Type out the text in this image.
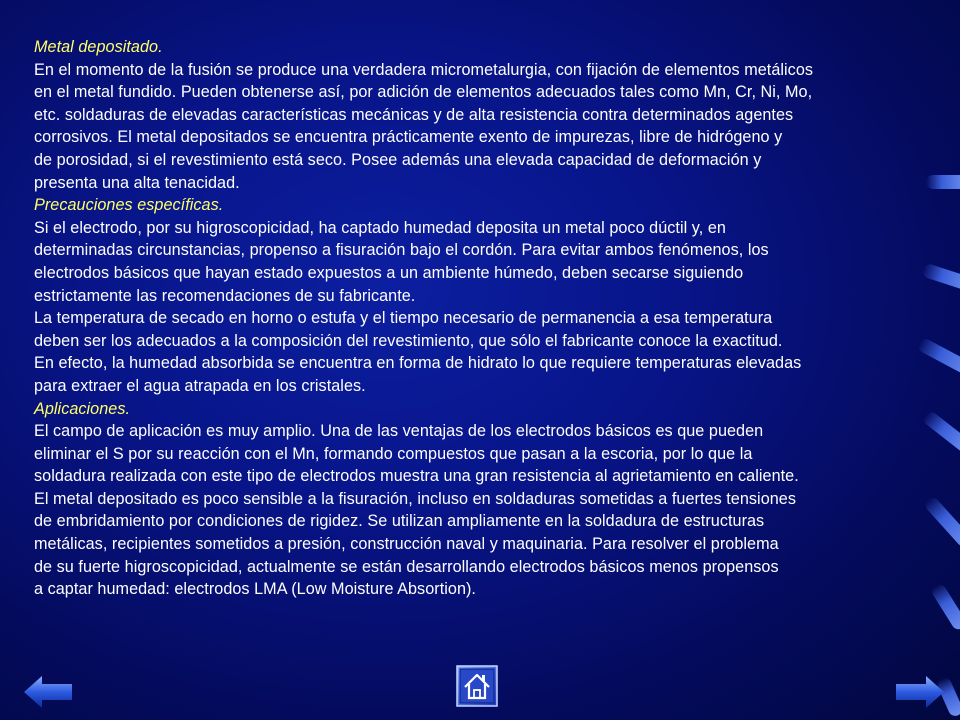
Metal depositado.
En el momento de la fusión se produce una verdadera micrometalurgia, con fijación de elementos metálicos
en el metal fundido. Pueden obtenerse así, por adición de elementos adecuados tales como Mn, Cr, Ni, Mo,
etc. soldaduras de elevadas características mecánicas y de alta resistencia contra determinados agentes
corrosivos. El metal depositados se encuentra prácticamente exento de impurezas, libre de hidrógeno y
de porosidad, si el revestimiento está seco. Posee además una elevada capacidad de deformación y
presenta una alta tenacidad.
Precauciones específicas.
Si el electrodo, por su higroscopicidad, ha captado humedad deposita un metal poco dúctil y, en
determinadas circunstancias, propenso a fisuración bajo el cordón. Para evitar ambos fenómenos, los
electrodos básicos que hayan estado expuestos a un ambiente húmedo, deben secarse siguiendo
estrictamente las recomendaciones de su fabricante.
La temperatura de secado en horno o estufa y el tiempo necesario de permanencia a esa temperatura
deben ser los adecuados a la composición del revestimiento, que sólo el fabricante conoce la exactitud.
En efecto, la humedad absorbida se encuentra en forma de hidrato lo que requiere temperaturas elevadas
para extraer el agua atrapada en los cristales.
Aplicaciones.
El campo de aplicación es muy amplio. Una de las ventajas de los electrodos básicos es que pueden
eliminar el S por su reacción con el Mn, formando compuestos que pasan a la escoria, por lo que la
soldadura realizada con este tipo de electrodos muestra una gran resistencia al agrietamiento en caliente.
El metal depositado es poco sensible a la fisuración, incluso en soldaduras sometidas a fuertes tensiones
de embridamiento por condiciones de rigidez. Se utilizan ampliamente en la soldadura de estructuras
metálicas, recipientes sometidos a presión, construcción naval y maquinaria. Para resolver el problema
de su fuerte higroscopicidad, actualmente se están desarrollando electrodos básicos menos propensos
a captar humedad: electrodos LMA (Low Moisture Absortion).
